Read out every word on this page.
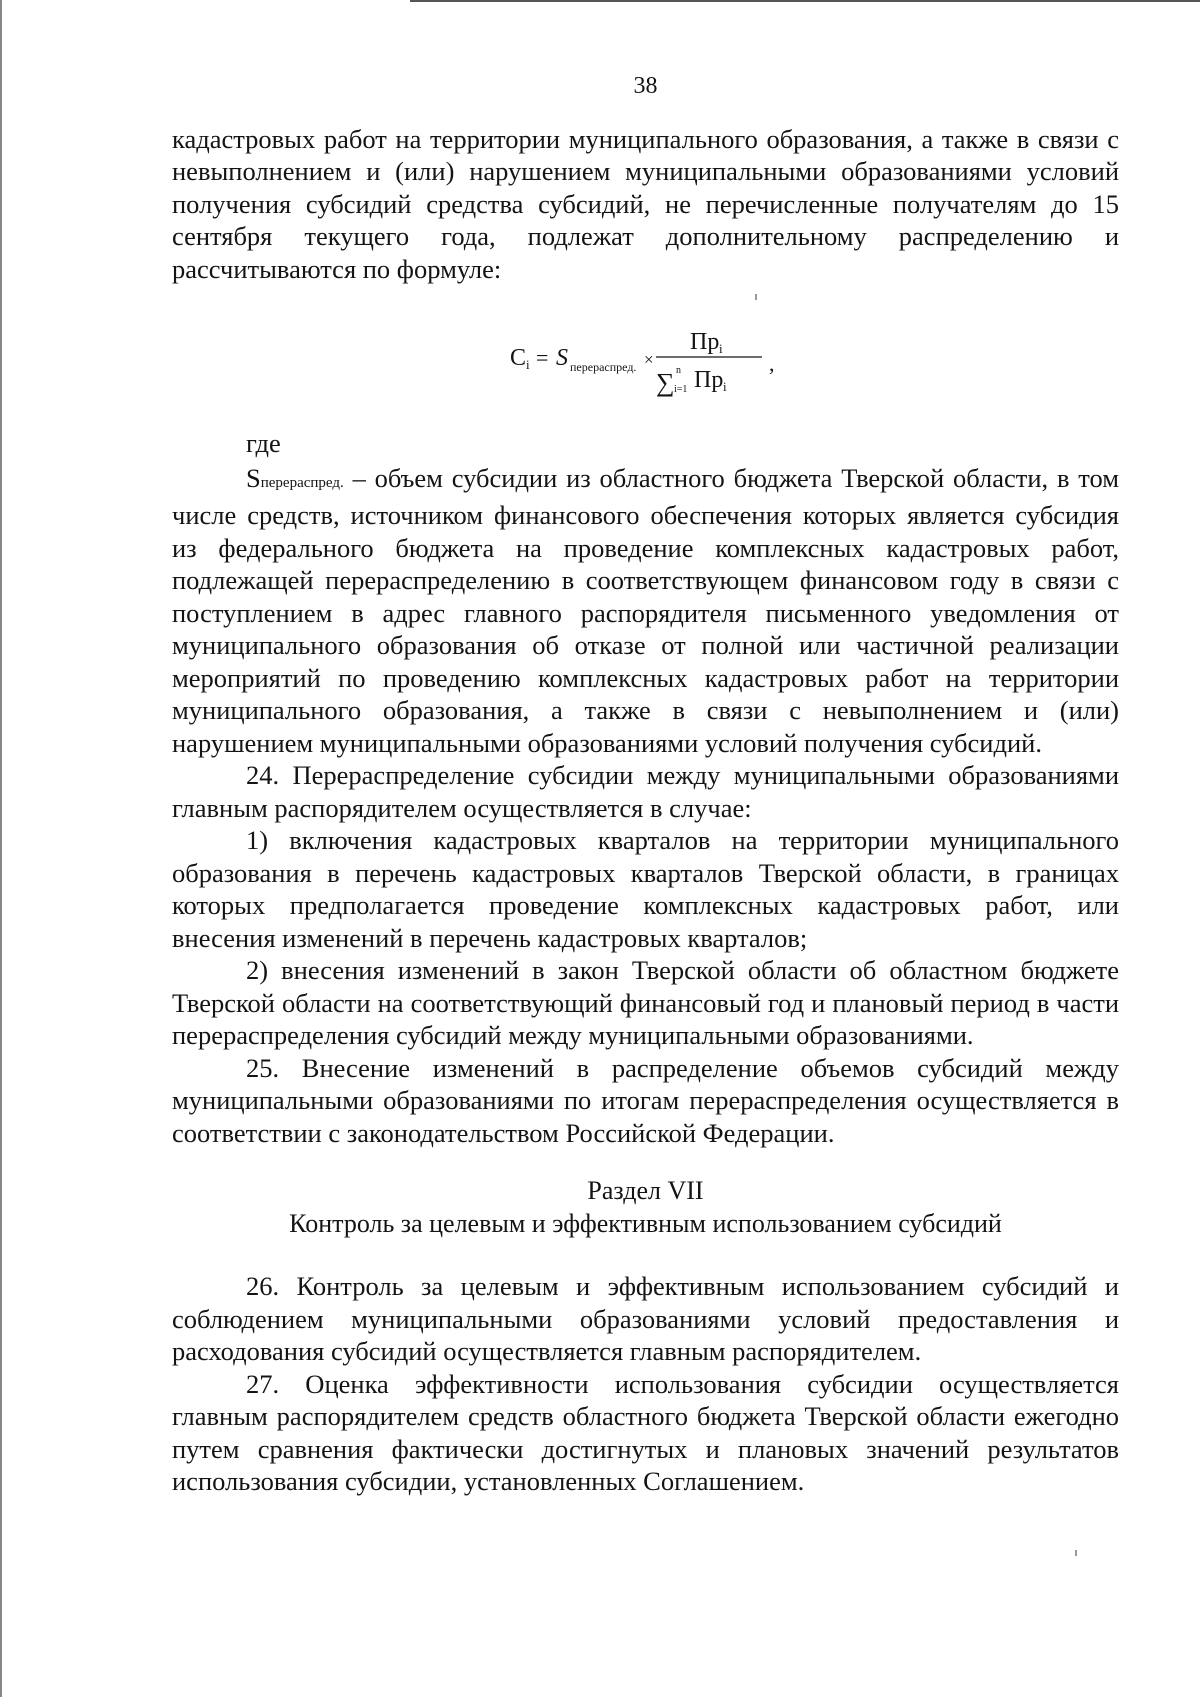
38

кадастровых работ на территории муниципального образования, а также в связи с невыполнением и (или) нарушением муниципальными образованиями условий получения субсидий средства субсидий, не перечисленные получателям до 15 сентября текущего года, подлежат дополнительному распределению и рассчитываются по формуле:

C i = S перераспред. ×
Пр i
∑ n
i=1 Пр i
,

где

Sперераспред. – объем субсидии из областного бюджета Тверской области, в том числе средств, источником финансового обеспечения которых является субсидия из федерального бюджета на проведение комплексных кадастровых работ, подлежащей перераспределению в соответствующем финансовом году в связи с поступлением в адрес главного распорядителя письменного уведомления от муниципального образования об отказе от полной или частичной реализации мероприятий по проведению комплексных кадастровых работ на территории муниципального образования, а также в связи с невыполнением и (или) нарушением муниципальными образованиями условий получения субсидий.

24. Перераспределение субсидии между муниципальными образованиями главным распорядителем осуществляется в случае:

1) включения кадастровых кварталов на территории муниципального образования в перечень кадастровых кварталов Тверской области, в границах которых предполагается проведение комплексных кадастровых работ, или внесения изменений в перечень кадастровых кварталов;

2) внесения изменений в закон Тверской области об областном бюджете Тверской области на соответствующий финансовый год и плановый период в части перераспределения субсидий между муниципальными образованиями.

25. Внесение изменений в распределение объемов субсидий между муниципальными образованиями по итогам перераспределения осуществляется в соответствии с законодательством Российской Федерации.

Раздел VII
Контроль за целевым и эффективным использованием субсидий

26. Контроль за целевым и эффективным использованием субсидий и соблюдением муниципальными образованиями условий предоставления и расходования субсидий осуществляется главным распорядителем.

27. Оценка эффективности использования субсидии осуществляется главным распорядителем средств областного бюджета Тверской области ежегодно путем сравнения фактически достигнутых и плановых значений результатов использования субсидии, установленных Соглашением.
